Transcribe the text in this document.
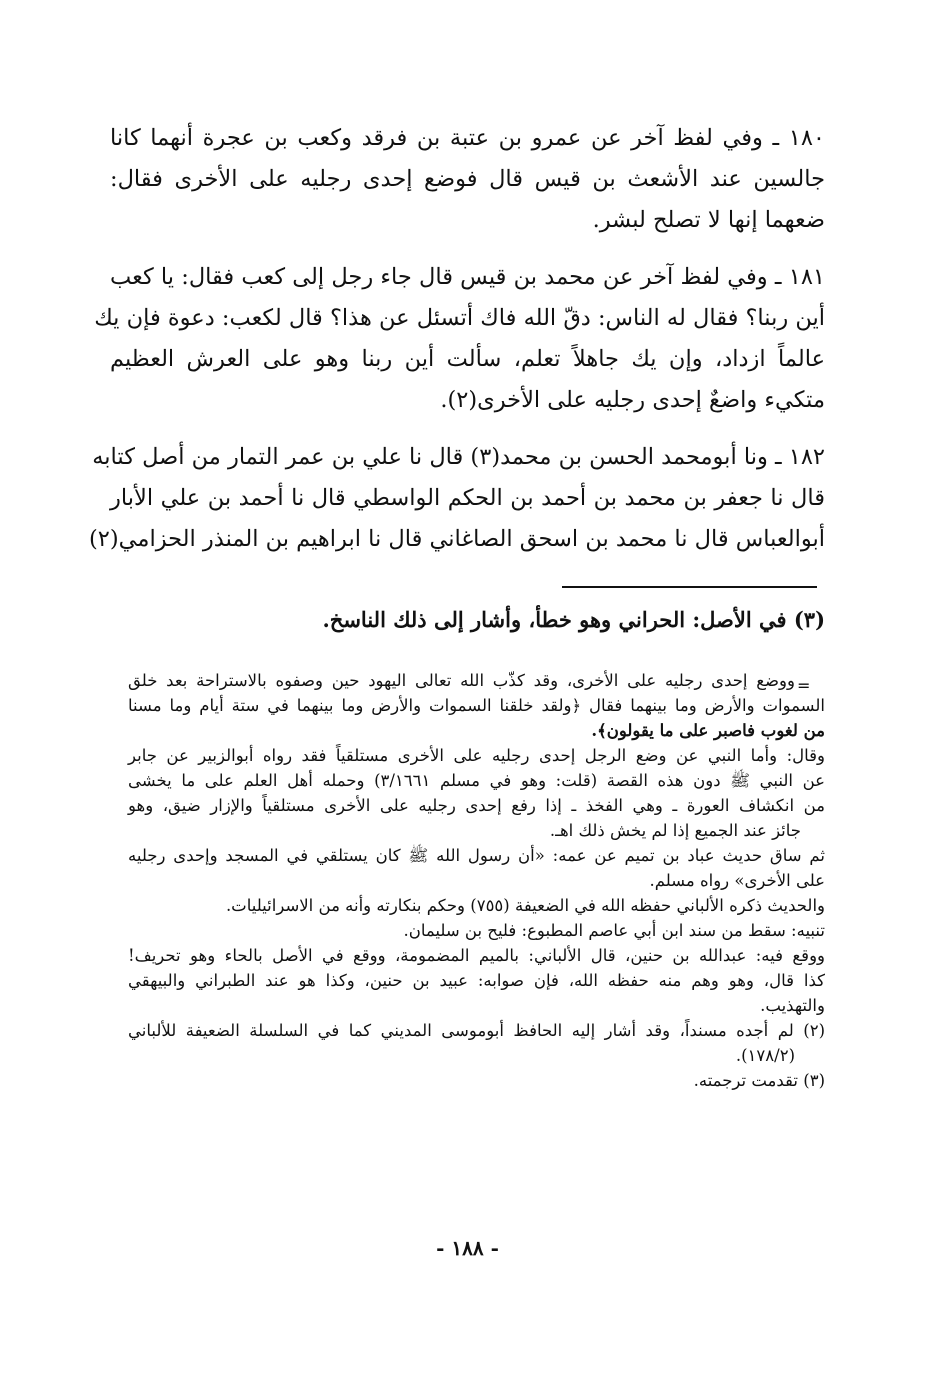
١٨٠ ـ وفي لفظ آخر عن عمرو بن عتبة بن فرقد وكعب بن عجرة أنهما كانا
جالسين عند الأشعث بن قيس قال فوضع إحدى رجليه على الأخرى فقال:
ضعهما إنها لا تصلح لبشر.
١٨١ ـ وفي لفظ آخر عن محمد بن قيس قال جاء رجل إلى كعب فقال: يا كعب
أين ربنا؟ فقال له الناس: دقّ الله فاك أتسئل عن هذا؟ قال لكعب: دعوة فإن يك
عالماً ازداد، وإن يك جاهلاً تعلم، سألت أين ربنا وهو على العرش العظيم
متكيء واضعٌ إحدى رجليه على الأخرى(٢).
١٨٢ ـ ونا أبومحمد الحسن بن محمد(٣) قال نا علي بن عمر التمار من أصل كتابه
قال نا جعفر بن محمد بن أحمد بن الحكم الواسطي قال نا أحمد بن علي الأبار
أبوالعباس قال نا محمد بن اسحق الصاغاني قال نا ابراهيم بن المنذر الحزامي(٢)
(٣) في الأصل: الحراني وهو خطأ، وأشار إلى ذلك الناسخ.
=
ووضع إحدى رجليه على الأخرى، وقد كذّب الله تعالى اليهود حين وصفوه بالاستراحة بعد خلق
السموات والأرض وما بينهما فقال ﴿ولقد خلقنا السموات والأرض وما بينهما في ستة أيام وما مسنا
من لغوب فاصبر على ما يقولون﴾.
وقال: وأما النبي عن وضع الرجل إحدى رجليه على الأخرى مستلقياً فقد رواه أبوالزبير عن جابر
عن النبي ﷺ دون هذه القصة (قلت: وهو في مسلم ٣/١٦٦١) وحمله أهل العلم على ما يخشى
من انكشاف العورة ـ وهي الفخذ ـ إذا رفع إحدى رجليه على الأخرى مستلقياً والإزار ضيق، وهو
جائز عند الجميع إذا لم يخش ذلك اهـ.
ثم ساق حديث عباد بن تميم عن عمه: «أن رسول الله ﷺ كان يستلقي في المسجد وإحدى رجليه
على الأخرى» رواه مسلم.
والحديث ذكره الألباني حفظه الله في الضعيفة (٧٥٥) وحكم بنكارته وأنه من الاسرائيليات.
تنبيه: سقط من سند ابن أبي عاصم المطبوع: فليح بن سليمان.
ووقع فيه: عبدالله بن حنين، قال الألباني: بالميم المضمومة، ووقع في الأصل بالحاء وهو تحريف!
كذا قال، وهو وهم منه حفظه الله، فإن صوابه: عبيد بن حنين، وكذا هو عند الطبراني والبيهقي
والتهذيب.
(٢) لم أجده مسنداً، وقد أشار إليه الحافظ أبوموسى المديني كما في السلسلة الضعيفة للألباني
(١٧٨/٢).
(٣) تقدمت ترجمته.
- ١٨٨ -
